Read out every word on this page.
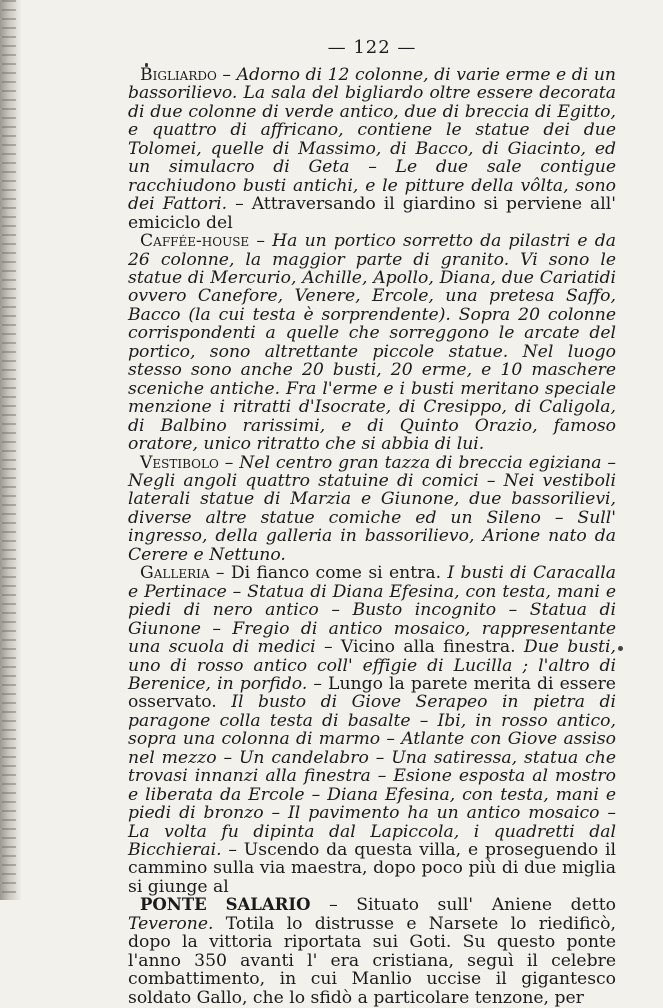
— 122 —

Bigliardo – Adorno di 12 colonne, di varie erme e di un bassorilievo. La sala del bigliardo oltre essere decorata di due colonne di verde antico, due di breccia di Egitto, e quattro di affricano, contiene le statue dei due Tolomei, quelle di Massimo, di Bacco, di Giacinto, ed un simulacro di Geta – Le due sale contigue racchiudono busti antichi, e le pitture della vôlta, sono dei Fattori. – Attraversando il giardino si perviene all' emiciclo del

Caffée-house – Ha un portico sorretto da pilastri e da 26 colonne, la maggior parte di granito. Vi sono le statue di Mercurio, Achille, Apollo, Diana, due Cariatidi ovvero Canefore, Venere, Ercole, una pretesa Saffo, Bacco (la cui testa è sorprendente). Sopra 20 colonne corrispondenti a quelle che sorreggono le arcate del portico, sono altrettante piccole statue. Nel luogo stesso sono anche 20 busti, 20 erme, e 10 maschere sceniche antiche. Fra l'erme e i busti meritano speciale menzione i ritratti d'Isocrate, di Cresippo, di Caligola, di Balbino rarissimi, e di Quinto Orazio, famoso oratore, unico ritratto che si abbia di lui.

Vestibolo – Nel centro gran tazza di breccia egiziana – Negli angoli quattro statuine di comici – Nei vestiboli laterali statue di Marzia e Giunone, due bassorilievi, diverse altre statue comiche ed un Sileno – Sull' ingresso, della galleria in bassorilievo, Arione nato da Cerere e Nettuno.

Galleria – Di fianco come si entra. I busti di Caracalla e Pertinace – Statua di Diana Efesina, con testa, mani e piedi di nero antico – Busto incognito – Statua di Giunone – Fregio di antico mosaico, rappresentante una scuola di medici – Vicino alla finestra. Due busti, uno di rosso antico coll' effigie di Lucilla ; l'altro di Berenice, in porfido. – Lungo la parete merita di essere osservato. Il busto di Giove Serapeo in pietra di paragone colla testa di basalte – Ibi, in rosso antico, sopra una colonna di marmo – Atlante con Giove assiso nel mezzo – Un candelabro – Una satiressa, statua che trovasi innanzi alla finestra – Esione esposta al mostro e liberata da Ercole – Diana Efesina, con testa, mani e piedi di bronzo – Il pavimento ha un antico mosaico – La volta fu dipinta dal Lapiccola, i quadretti dal Bicchierai. – Uscendo da questa villa, e proseguendo il cammino sulla via maestra, dopo poco più di due miglia si giunge al

PONTE SALARIO – Situato sull' Aniene detto Teverone. Totila lo distrusse e Narsete lo riedificò, dopo la vittoria riportata sui Goti. Su questo ponte l'anno 350 avanti l' era cristiana, seguì il celebre combattimento, in cui Manlio uccise il gigantesco soldato Gallo, che lo sfidò a particolare tenzone, per
